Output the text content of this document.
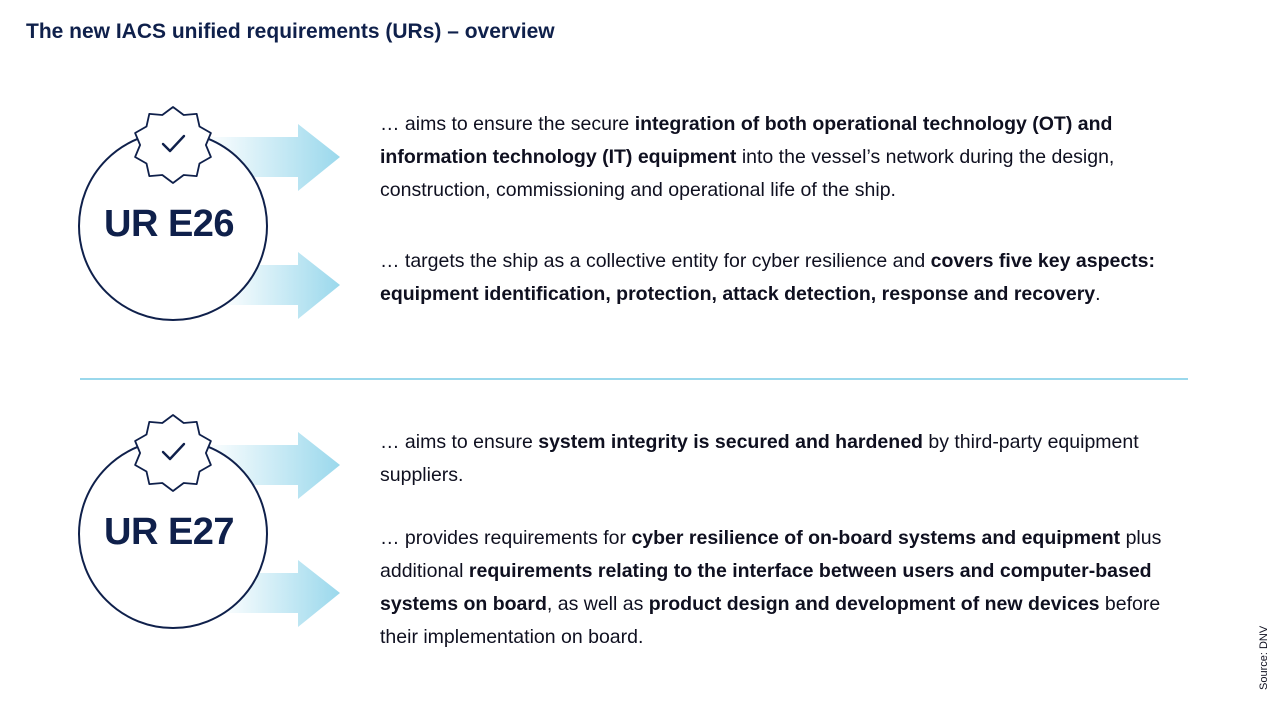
The new IACS unified requirements (URs) – overview
UR E26
… aims to ensure the secure integration of both operational technology (OT) and information technology (IT) equipment into the vessel’s network during the design, construction, commissioning and operational life of the ship.
… targets the ship as a collective entity for cyber resilience and covers five key aspects: equipment identification, protection, attack detection, response and recovery.
UR E27
… aims to ensure system integrity is secured and hardened by third-party equipment suppliers.
… provides requirements for cyber resilience of on-board systems and equipment plus additional requirements relating to the interface between users and computer-based systems on board, as well as product design and development of new devices before their implementation on board.	Source: DNV
